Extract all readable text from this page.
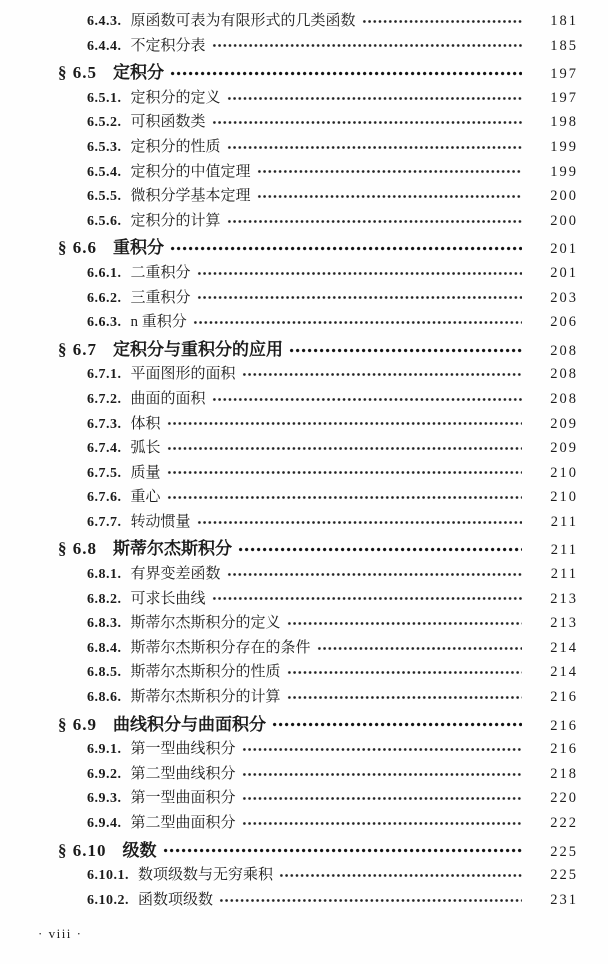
6.4.3. 原函数可表为有限形式的几类函数	181
6.4.4. 不定积分表	185
§ 6.5 定积分	197
6.5.1. 定积分的定义	197
6.5.2. 可积函数类	198
6.5.3. 定积分的性质	199
6.5.4. 定积分的中值定理	199
6.5.5. 微积分学基本定理	200
6.5.6. 定积分的计算	200
§ 6.6 重积分	201
6.6.1. 二重积分	201
6.6.2. 三重积分	203
6.6.3. n 重积分	206
§ 6.7 定积分与重积分的应用	208
6.7.1. 平面图形的面积	208
6.7.2. 曲面的面积	208
6.7.3. 体积	209
6.7.4. 弧长	209
6.7.5. 质量	210
6.7.6. 重心	210
6.7.7. 转动惯量	211
§ 6.8 斯蒂尔杰斯积分	211
6.8.1. 有界变差函数	211
6.8.2. 可求长曲线	213
6.8.3. 斯蒂尔杰斯积分的定义	213
6.8.4. 斯蒂尔杰斯积分存在的条件	214
6.8.5. 斯蒂尔杰斯积分的性质	214
6.8.6. 斯蒂尔杰斯积分的计算	216
§ 6.9 曲线积分与曲面积分	216
6.9.1. 第一型曲线积分	216
6.9.2. 第二型曲线积分	218
6.9.3. 第一型曲面积分	220
6.9.4. 第二型曲面积分	222
§ 6.10 级数	225
6.10.1. 数项级数与无穷乘积	225
6.10.2. 函数项级数	231
· viii ·
